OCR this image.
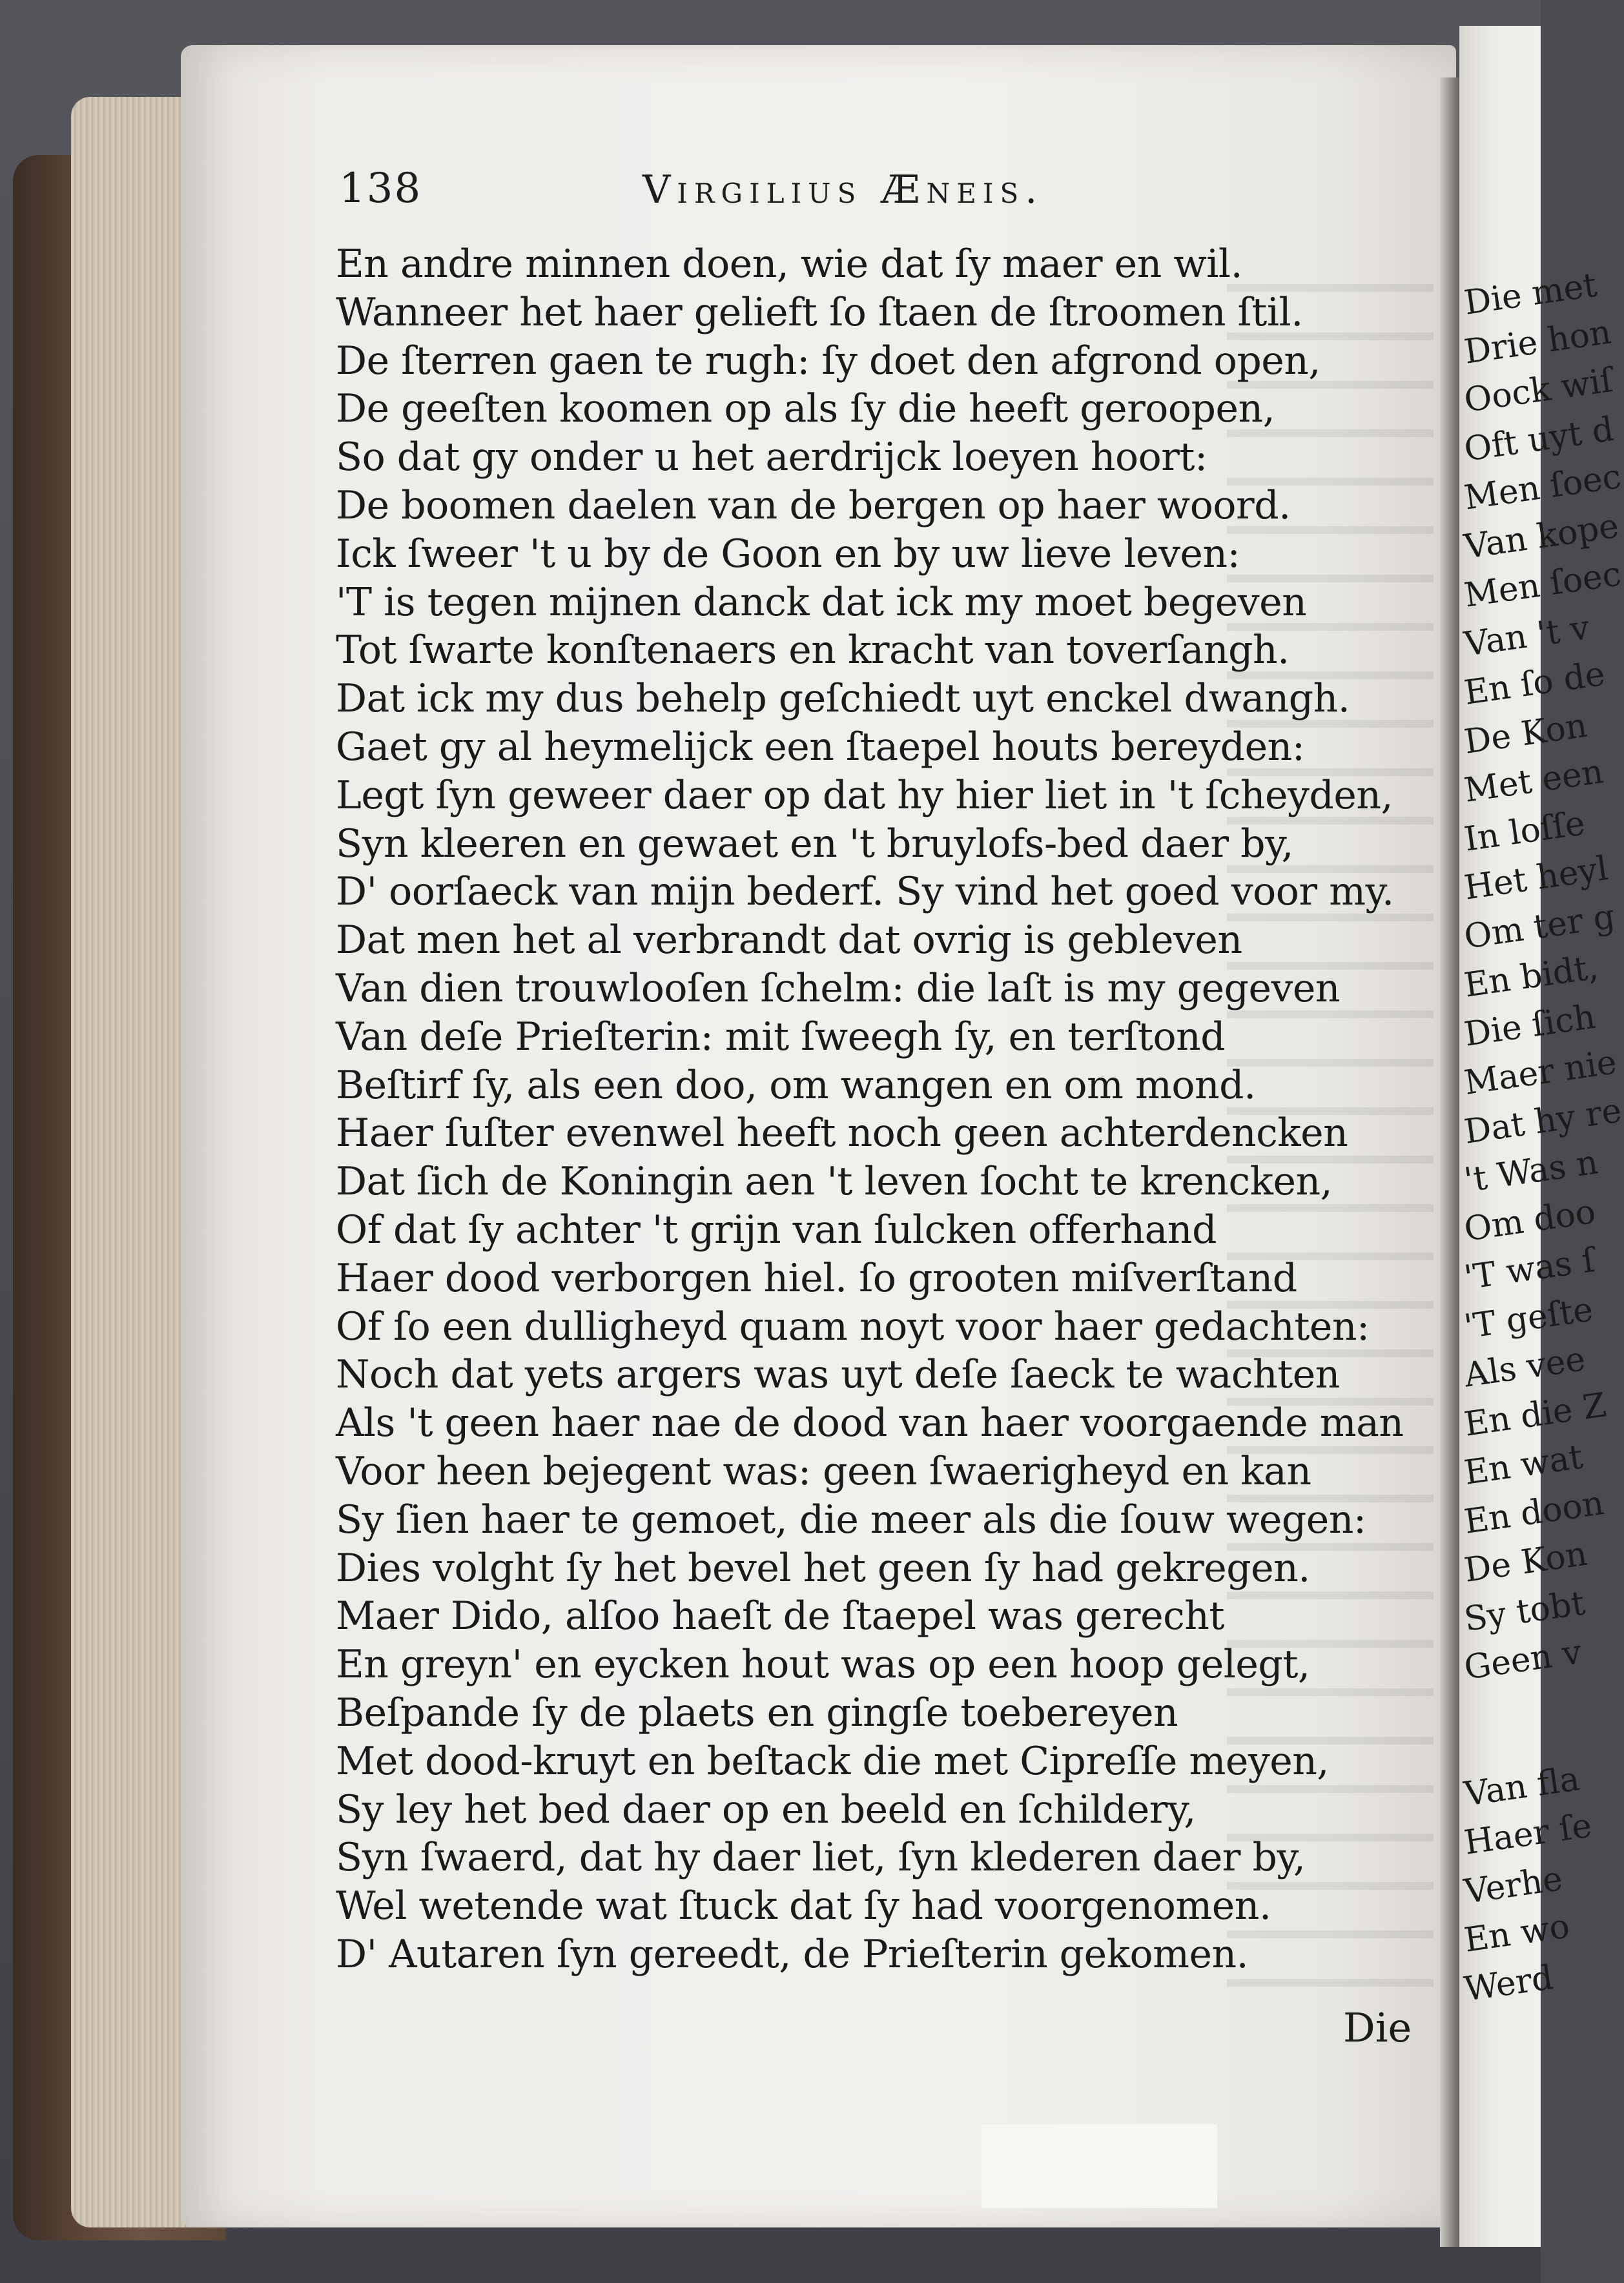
Die met
Drie hon
Oock wiſ
Oft uyt d
Men ſoec
Van kope
Men ſoec
Van 't v
En ſo de
De Kon
Met een
In loſſe
Het heyl
Om ter g
En bidt,
Die ſich
Maer nie
Dat hy re
't Was n
Om doo
'T was ſ
'T geſte
Als vee
En die Z
En wat
En doon
De Kon
Sy tobt
Geen v
Van fla
Haer ſe
Verhe
En wo
Werd
138	Virgilius Æneis.
En andre minnen doen, wie dat ſy maer en wil.
Wanneer het haer gelieft ſo ſtaen de ſtroomen ſtil.
De ſterren gaen te rugh: ſy doet den afgrond open,
De geeſten koomen op als ſy die heeft geroopen,
So dat gy onder u het aerdrijck loeyen hoort:
De boomen daelen van de bergen op haer woord.
Ick ſweer 't u by de Goon en by uw lieve leven:
'T is tegen mijnen danck dat ick my moet begeven
Tot ſwarte konſtenaers en kracht van toverſangh.
Dat ick my dus behelp geſchiedt uyt enckel dwangh.
Gaet gy al heymelijck een ſtaepel houts bereyden:
Legt ſyn geweer daer op dat hy hier liet in 't ſcheyden,
Syn kleeren en gewaet en 't bruylofs-bed daer by,
D' oorſaeck van mijn bederf. Sy vind het goed voor my.
Dat men het al verbrandt dat ovrig is gebleven
Van dien trouwlooſen ſchelm: die laſt is my gegeven
Van deſe Prieſterin: mit ſweegh ſy, en terſtond
Beſtirf ſy, als een doo, om wangen en om mond.
Haer ſuſter evenwel heeft noch geen achterdencken
Dat ſich de Koningin aen 't leven ſocht te krencken,
Of dat ſy achter 't grijn van ſulcken offerhand
Haer dood verborgen hiel. ſo grooten miſverſtand
Of ſo een dulligheyd quam noyt voor haer gedachten:
Noch dat yets argers was uyt deſe ſaeck te wachten
Als 't geen haer nae de dood van haer voorgaende man
Voor heen bejegent was: geen ſwaerigheyd en kan
Sy ſien haer te gemoet, die meer als die ſouw wegen:
Dies volght ſy het bevel het geen ſy had gekregen.
Maer Dido, alſoo haeſt de ſtaepel was gerecht
En greyn' en eycken hout was op een hoop gelegt,
Beſpande ſy de plaets en gingſe toebereyen
Met dood-kruyt en beſtack die met Cipreſſe meyen,
Sy ley het bed daer op en beeld en ſchildery,
Syn ſwaerd, dat hy daer liet, ſyn klederen daer by,
Wel wetende wat ſtuck dat ſy had voorgenomen.
D' Autaren ſyn gereedt, de Prieſterin gekomen.
Die
